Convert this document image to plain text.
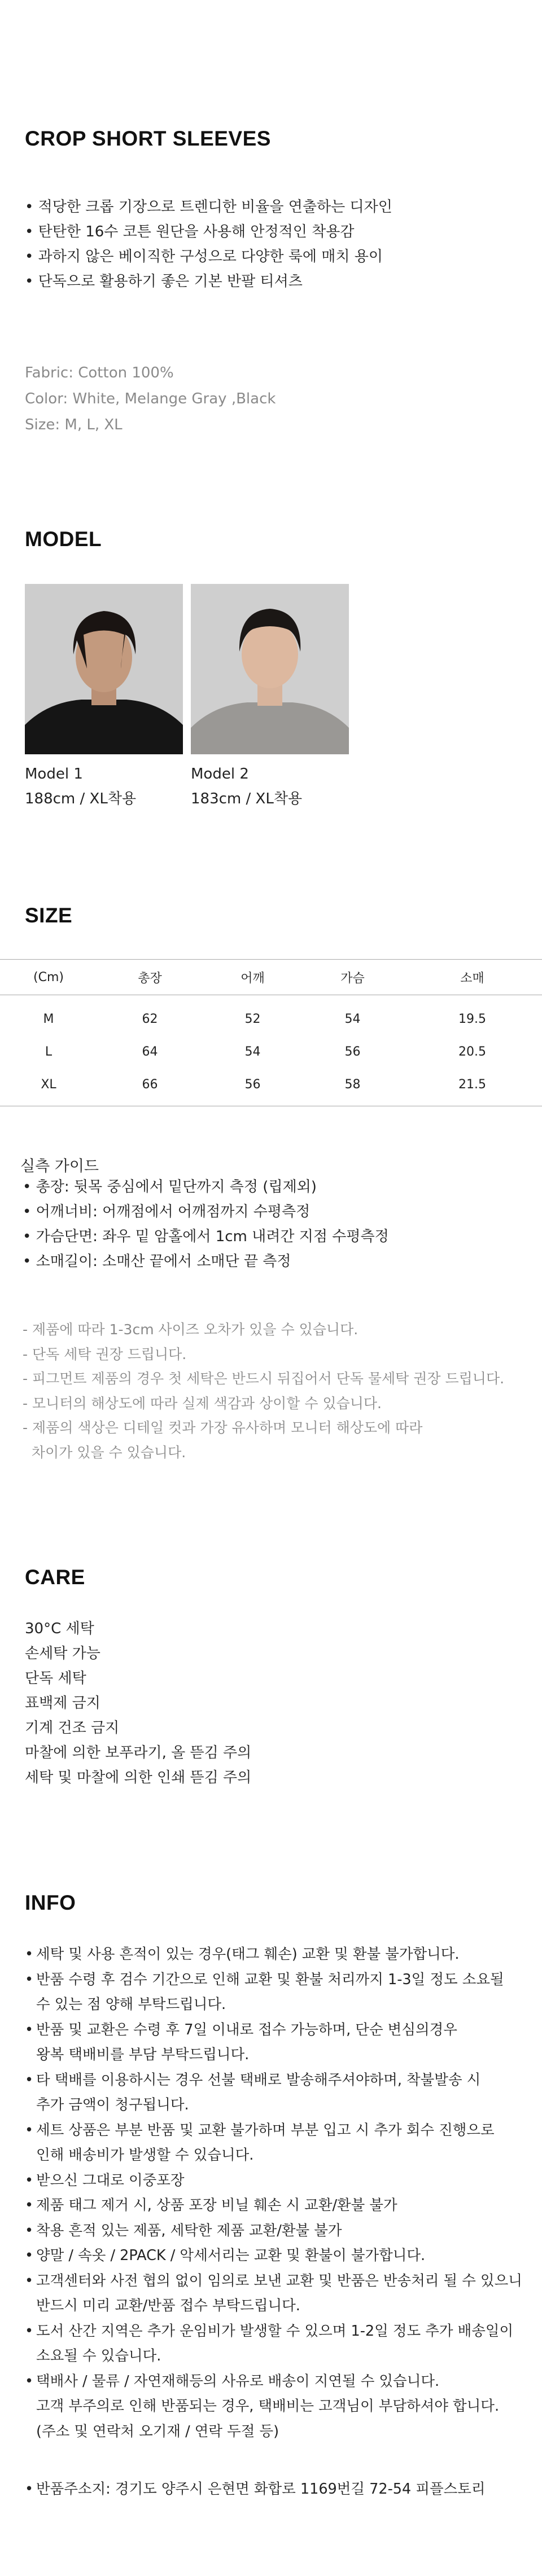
CROP SHORT SLEEVES
• 적당한 크롭 기장으로 트렌디한 비율을 연출하는 디자인
• 탄탄한 16수 코튼 원단을 사용해 안정적인 착용감
• 과하지 않은 베이직한 구성으로 다양한 룩에 매치 용이
• 단독으로 활용하기 좋은 기본 반팔 티셔츠
Fabric: Cotton 100%
Color: White, Melange Gray ,Black
Size: M, L, XL
MODEL
Model 1
188cm / XL착용
Model 2
183cm / XL착용
SIZE
(Cm)	총장	어깨	가슴	소매
M	62	52	54	19.5
L	64	54	56	20.5
XL	66	56	58	21.5
실측 가이드
• 총장: 뒷목 중심에서 밑단까지 측정 (립제외)
• 어깨너비: 어깨점에서 어깨점까지 수평측정
• 가슴단면: 좌우 밑 암홀에서 1cm 내려간 지점 수평측정
• 소매길이: 소매산 끝에서 소매단 끝 측정
- 제품에 따라 1-3cm 사이즈 오차가 있을 수 있습니다.
- 단독 세탁 권장 드립니다.
- 피그먼트 제품의 경우 첫 세탁은 반드시 뒤집어서 단독 물세탁 권장 드립니다.
- 모니터의 해상도에 따라 실제 색감과 상이할 수 있습니다.
- 제품의 색상은 디테일 컷과 가장 유사하며 모니터 해상도에 따라
차이가 있을 수 있습니다.
CARE
30°C 세탁
손세탁 가능
단독 세탁
표백제 금지
기계 건조 금지
마찰에 의한 보푸라기, 올 뜯김 주의
세탁 및 마찰에 의한 인쇄 뜯김 주의
INFO
• 세탁 및 사용 흔적이 있는 경우(태그 훼손) 교환 및 환불 불가합니다.
• 반품 수령 후 검수 기간으로 인해 교환 및 환불 처리까지 1-3일 정도 소요될
수 있는 점 양해 부탁드립니다.
• 반품 및 교환은 수령 후 7일 이내로 접수 가능하며, 단순 변심의경우
왕복 택배비를 부담 부탁드립니다.
• 타 택배를 이용하시는 경우 선불 택배로 발송해주셔야하며, 착불발송 시
추가 금액이 청구됩니다.
• 세트 상품은 부분 반품 및 교환 불가하며 부분 입고 시 추가 회수 진행으로
인해 배송비가 발생할 수 있습니다.
• 받으신 그대로 이중포장
• 제품 태그 제거 시, 상품 포장 비닐 훼손 시 교환/환불 불가
• 착용 흔적 있는 제품, 세탁한 제품 교환/환불 불가
• 양말 / 속옷 / 2PACK / 악세서리는 교환 및 환불이 불가합니다.
• 고객센터와 사전 협의 없이 임의로 보낸 교환 및 반품은 반송처리 될 수 있으니
반드시 미리 교환/반품 접수 부탁드립니다.
• 도서 산간 지역은 추가 운임비가 발생할 수 있으며 1-2일 정도 추가 배송일이
소요될 수 있습니다.
• 택배사 / 물류 / 자연재해등의 사유로 배송이 지연될 수 있습니다.
고객 부주의로 인해 반품되는 경우, 택배비는 고객님이 부담하셔야 합니다.
(주소 및 연락처 오기재 / 연락 두절 등)
• 반품주소지: 경기도 양주시 은현면 화합로 1169번길 72-54 피플스토리
